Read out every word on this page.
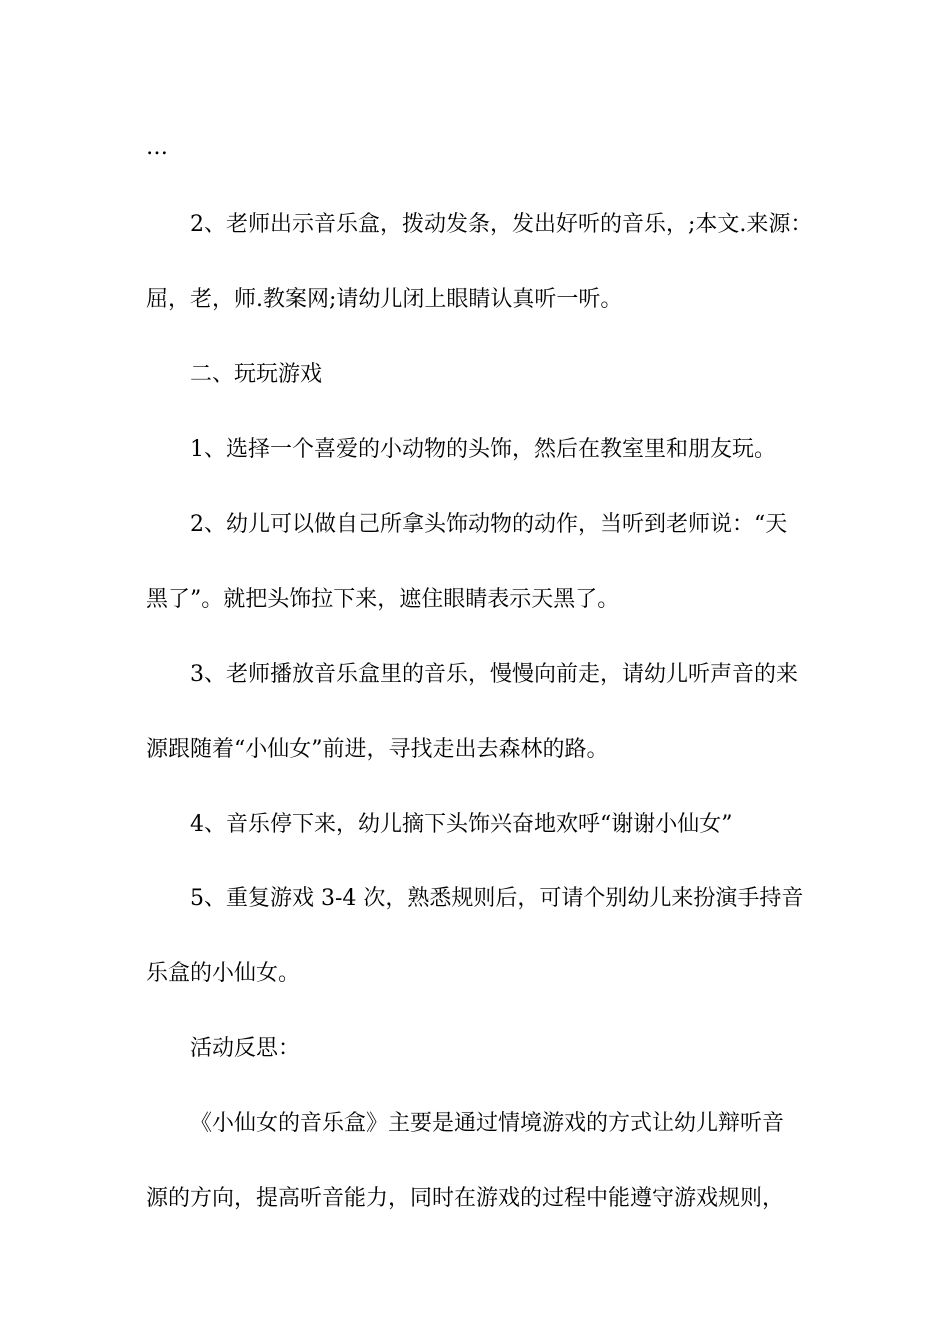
…
2、老师出示音乐盒，拨动发条，发出好听的音乐，;本文.来源：
屈，老，师.教案网;请幼儿闭上眼睛认真听一听。
二、玩玩游戏
1、选择一个喜爱的小动物的头饰，然后在教室里和朋友玩。
2、幼儿可以做自己所拿头饰动物的动作，当听到老师说：“天
黑了”。就把头饰拉下来，遮住眼睛表示天黑了。
3、老师播放音乐盒里的音乐，慢慢向前走，请幼儿听声音的来
源跟随着“小仙女”前进，寻找走出去森林的路。
4、音乐停下来，幼儿摘下头饰兴奋地欢呼“谢谢小仙女”
5、重复游戏 3-4 次，熟悉规则后，可请个别幼儿来扮演手持音
乐盒的小仙女。
活动反思：
《小仙女的音乐盒》主要是通过情境游戏的方式让幼儿辩听音
源的方向，提高听音能力，同时在游戏的过程中能遵守游戏规则，
